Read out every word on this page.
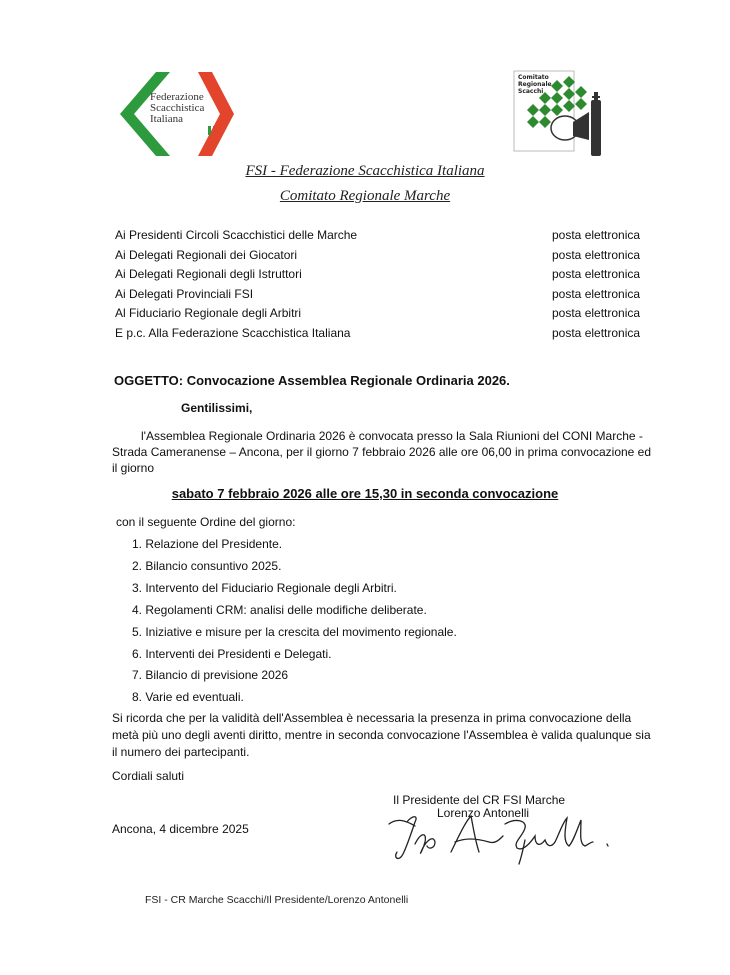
Federazione
Scacchistica
Italiana
Comitato
Regionale
Scacchi
FSI - Federazione Scacchistica Italiana
Comitato Regionale Marche
Ai Presidenti Circoli Scacchistici delle Marche	posta elettronica
Ai Delegati Regionali dei Giocatori	posta elettronica
Ai Delegati Regionali degli Istruttori	posta elettronica
Ai Delegati Provinciali FSI	posta elettronica
Al Fiduciario Regionale degli Arbitri	posta elettronica
E p.c. Alla Federazione Scacchistica Italiana	posta elettronica
OGGETTO: Convocazione Assemblea Regionale Ordinaria 2026.
Gentilissimi,
l'Assemblea Regionale Ordinaria 2026 è convocata presso la Sala Riunioni del CONI Marche -
Strada Cameranense – Ancona, per il giorno 7 febbraio 2026 alle ore 06,00 in prima convocazione ed
il giorno
sabato 7 febbraio 2026 alle ore 15,30 in seconda convocazione
con il seguente Ordine del giorno:
1. Relazione del Presidente.
2. Bilancio consuntivo 2025.
3. Intervento del Fiduciario Regionale degli Arbitri.
4. Regolamenti CRM: analisi delle modifiche deliberate.
5. Iniziative e misure per la crescita del movimento regionale.
6. Interventi dei Presidenti e Delegati.
7. Bilancio di previsione 2026
8. Varie ed eventuali.
Si ricorda che per la validità dell'Assemblea è necessaria la presenza in prima convocazione della
metà più uno degli aventi diritto, mentre in seconda convocazione l'Assemblea è valida qualunque sia
il numero dei partecipanti.
Cordiali saluti
Il Presidente del CR FSI Marche
Lorenzo Antonelli
Ancona, 4 dicembre 2025
FSI - CR Marche Scacchi/Il Presidente/Lorenzo Antonelli
